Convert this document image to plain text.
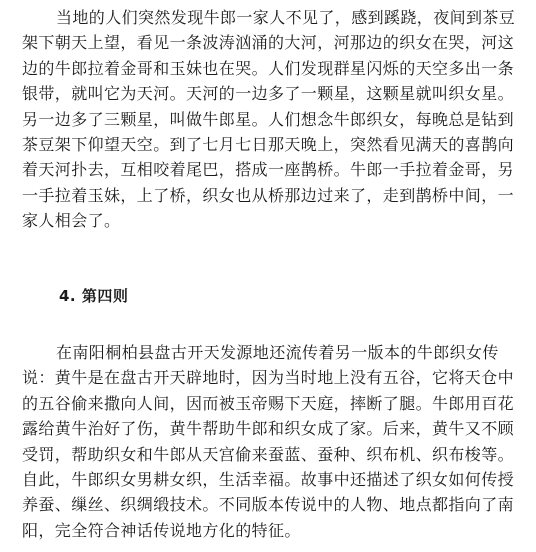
当地的人们突然发现牛郎一家人不见了，感到蹊跷，夜间到茶豆
架下朝天上望，看见一条波涛汹涌的大河，河那边的织女在哭，河这
边的牛郎拉着金哥和玉妹也在哭。人们发现群星闪烁的天空多出一条
银带，就叫它为天河。天河的一边多了一颗星，这颗星就叫织女星。
另一边多了三颗星，叫做牛郎星。人们想念牛郎织女，每晚总是钻到
茶豆架下仰望天空。到了七月七日那天晚上，突然看见满天的喜鹊向
着天河扑去，互相咬着尾巴，搭成一座鹊桥。牛郎一手拉着金哥，另
一手拉着玉妹，上了桥，织女也从桥那边过来了，走到鹊桥中间，一
家人相会了。

4. 第四则

在南阳桐柏县盘古开天发源地还流传着另一版本的牛郎织女传
说：黄牛是在盘古开天辟地时，因为当时地上没有五谷，它将天仓中
的五谷偷来撒向人间，因而被玉帝赐下天庭，摔断了腿。牛郎用百花
露给黄牛治好了伤，黄牛帮助牛郎和织女成了家。后来，黄牛又不顾
受罚，帮助织女和牛郎从天宫偷来蚕蓝、蚕种、织布机、织布梭等。
自此，牛郎织女男耕女织，生活幸福。故事中还描述了织女如何传授
养蚕、缫丝、织绸缎技术。不同版本传说中的人物、地点都指向了南
阳，完全符合神话传说地方化的特征。
